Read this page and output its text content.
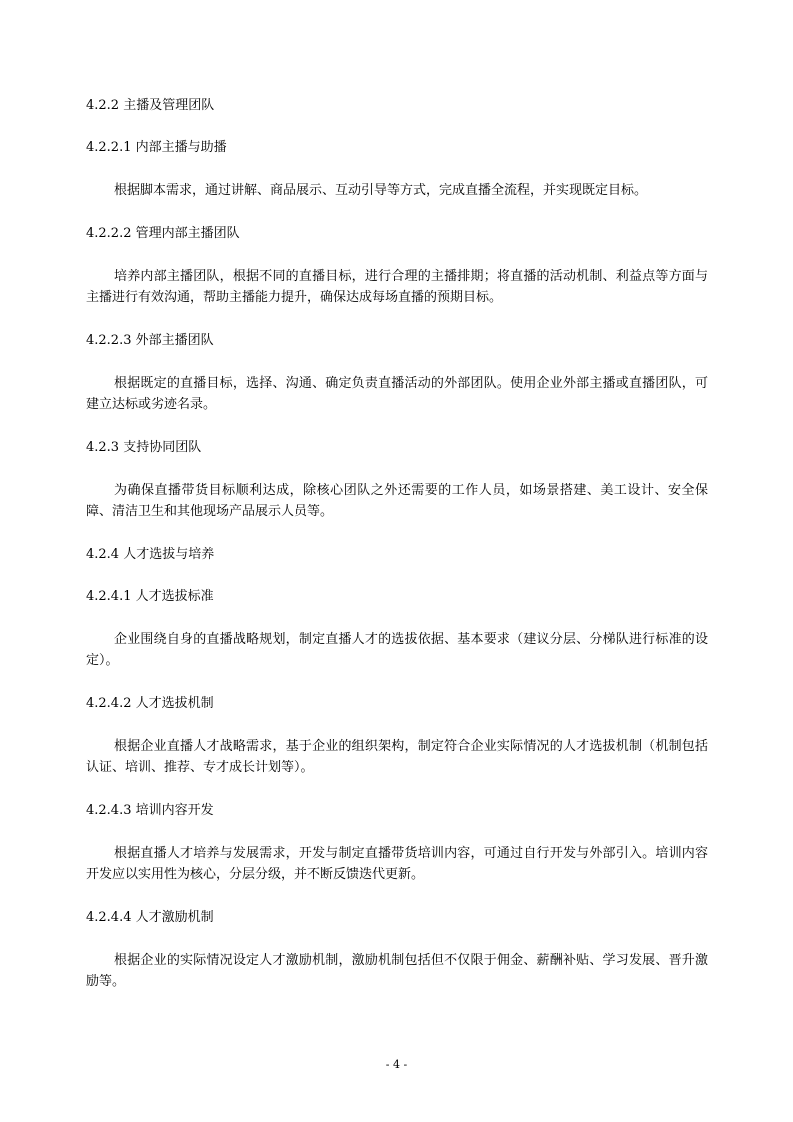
4.2.2 主播及管理团队
4.2.2.1 内部主播与助播
根据脚本需求，通过讲解、商品展示、互动引导等方式，完成直播全流程，并实现既定目标。
4.2.2.2 管理内部主播团队
培养内部主播团队，根据不同的直播目标，进行合理的主播排期；将直播的活动机制、利益点等方面与主播进行有效沟通，帮助主播能力提升，确保达成每场直播的预期目标。
4.2.2.3 外部主播团队
根据既定的直播目标，选择、沟通、确定负责直播活动的外部团队。使用企业外部主播或直播团队，可建立达标或劣迹名录。
4.2.3 支持协同团队
为确保直播带货目标顺利达成，除核心团队之外还需要的工作人员，如场景搭建、美工设计、安全保障、清洁卫生和其他现场产品展示人员等。
4.2.4 人才选拔与培养
4.2.4.1 人才选拔标准
企业围绕自身的直播战略规划，制定直播人才的选拔依据、基本要求（建议分层、分梯队进行标准的设定）。
4.2.4.2 人才选拔机制
根据企业直播人才战略需求，基于企业的组织架构，制定符合企业实际情况的人才选拔机制（机制包括认证、培训、推荐、专才成长计划等）。
4.2.4.3 培训内容开发
根据直播人才培养与发展需求，开发与制定直播带货培训内容，可通过自行开发与外部引入。培训内容开发应以实用性为核心，分层分级，并不断反馈迭代更新。
4.2.4.4 人才激励机制
根据企业的实际情况设定人才激励机制，激励机制包括但不仅限于佣金、薪酬补贴、学习发展、晋升激励等。
- 4 -
